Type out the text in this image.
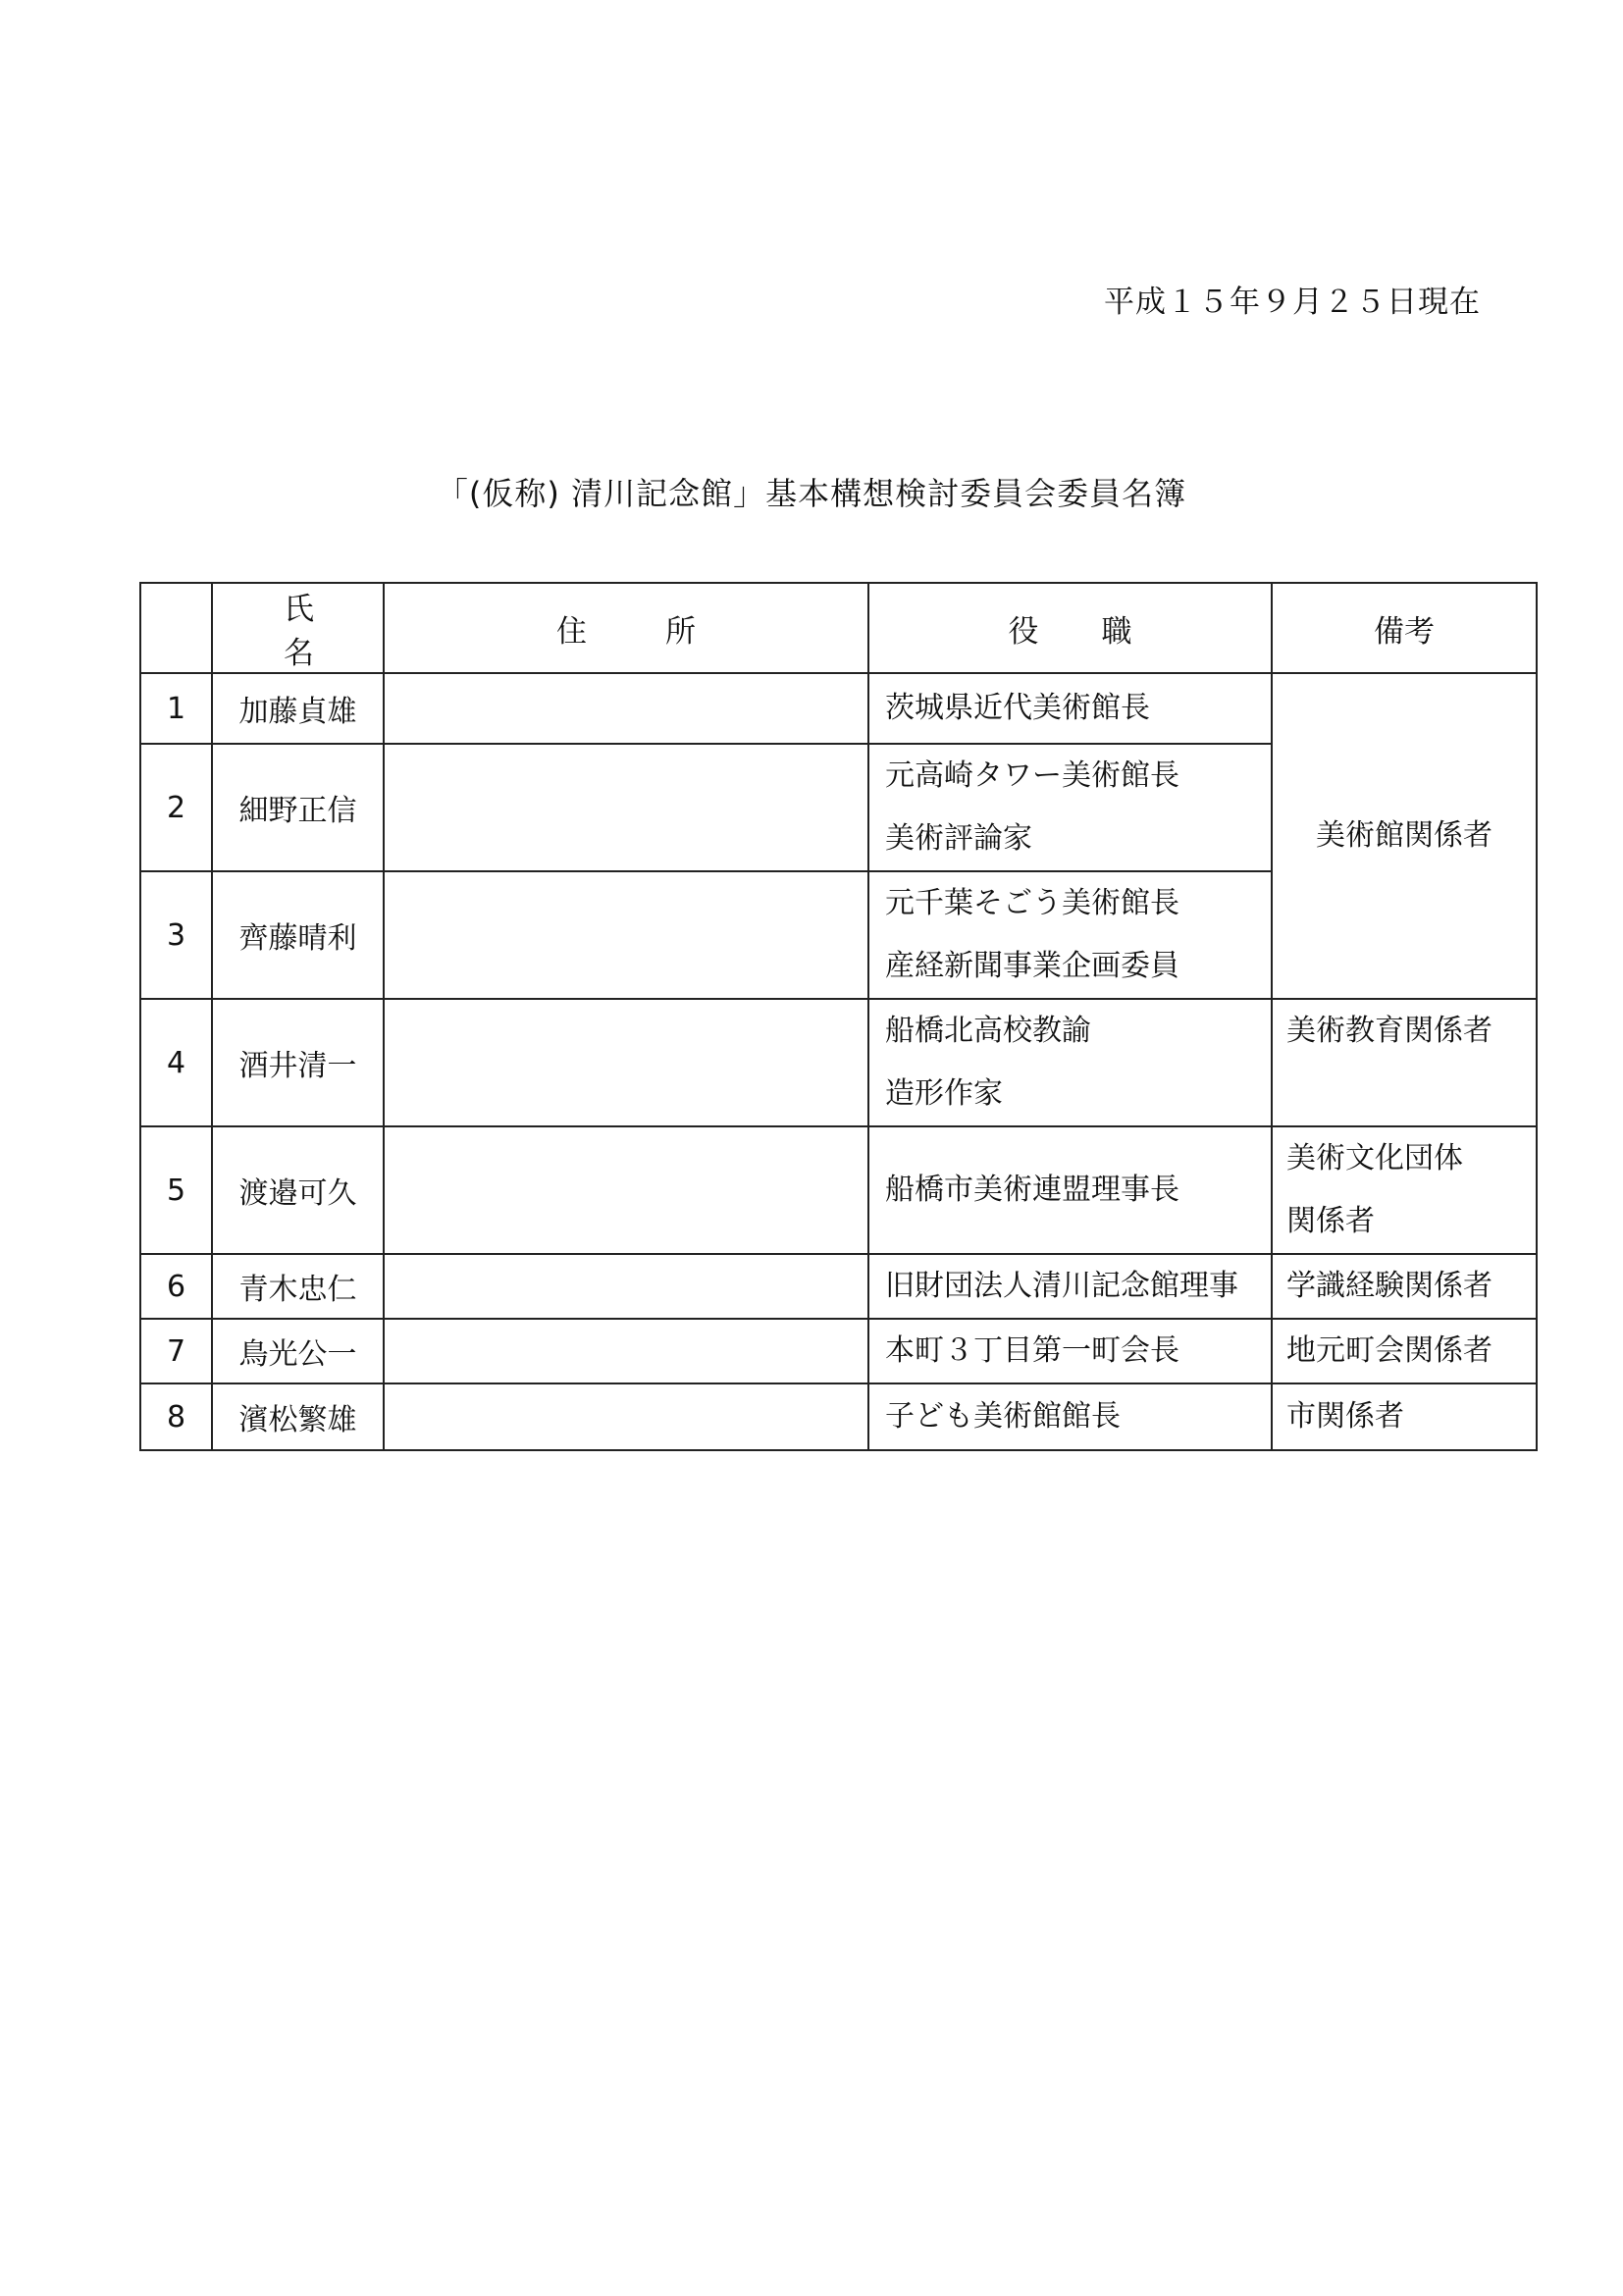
平成１５年９月２５日現在
「(仮称) 清川記念館」基本構想検討委員会委員名簿
	氏名	住所	役職	備考
1	加藤貞雄		茨城県近代美術館長	美術館関係者
2	細野正信		元高崎タワー美術館長
美術評論家	

3	齊藤晴利		元千葉そごう美術館長
産経新聞事業企画委員	

4	酒井清一		船橋北高校教諭
造形作家	美術教育関係者

5	渡邉可久		船橋市美術連盟理事長	美術文化団体
関係者

6	青木忠仁		旧財団法人清川記念館理事	学識経験関係者

7	鳥光公一		本町３丁目第一町会長	地元町会関係者

8	濱松繁雄		子ども美術館館長	市関係者
